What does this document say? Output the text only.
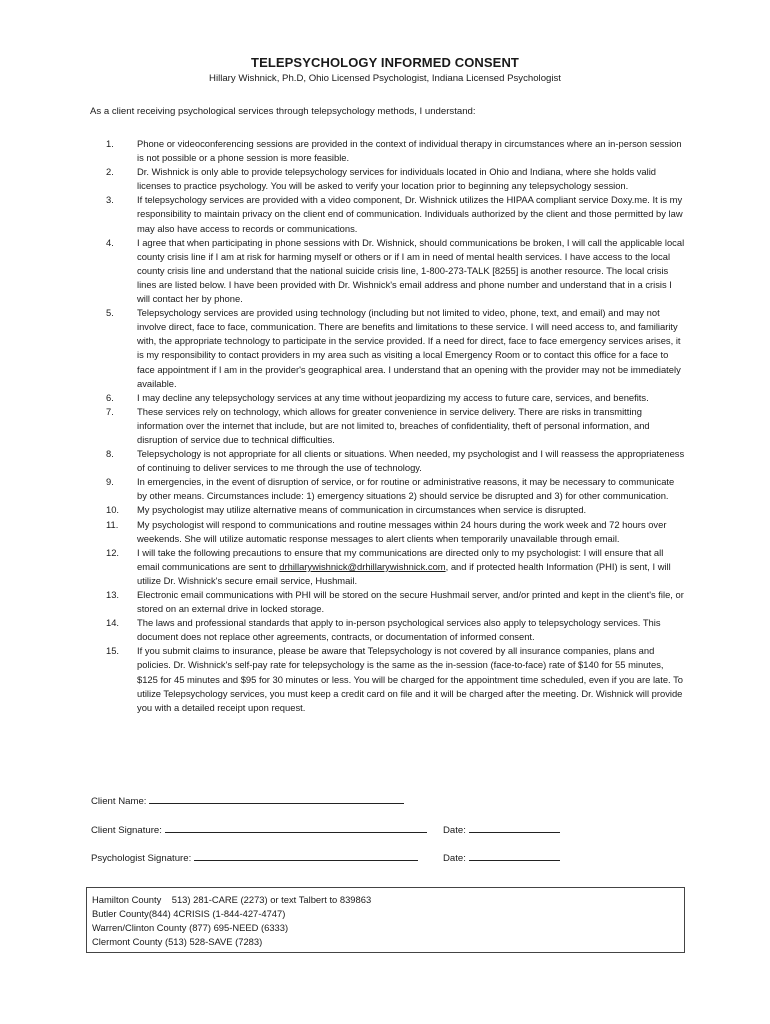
TELEPSYCHOLOGY INFORMED CONSENT
Hillary Wishnick, Ph.D, Ohio Licensed Psychologist, Indiana Licensed Psychologist
As a client receiving psychological services through telepsychology methods, I understand:
1.	Phone or videoconferencing sessions are provided in the context of individual therapy in circumstances where an in-person session is not possible or a phone session is more feasible.
2.	Dr. Wishnick is only able to provide telepsychology services for individuals located in Ohio and Indiana, where she holds valid licenses to practice psychology. You will be asked to verify your location prior to beginning any telepsychology session.
3.	If telepsychology services are provided with a video component, Dr. Wishnick utilizes the HIPAA compliant service Doxy.me. It is my responsibility to maintain privacy on the client end of communication. Individuals authorized by the client and those permitted by law may also have access to records or communications.
4.	I agree that when participating in phone sessions with Dr. Wishnick, should communications be broken, I will call the applicable local county crisis line if I am at risk for harming myself or others or if I am in need of mental health services. I have access to the local county crisis line and understand that the national suicide crisis line, 1-800-273-TALK [8255] is another resource. The local crisis lines are listed below. I have been provided with Dr. Wishnick's email address and phone number and understand that in a crisis I will contact her by phone.
5.	Telepsychology services are provided using technology (including but not limited to video, phone, text, and email) and may not involve direct, face to face, communication. There are benefits and limitations to these service. I will need access to, and familiarity with, the appropriate technology to participate in the service provided. If a need for direct, face to face emergency services arises, it is my responsibility to contact providers in my area such as visiting a local Emergency Room or to contact this office for a face to face appointment if I am in the provider's geographical area. I understand that an opening with the provider may not be immediately available.
6.	I may decline any telepsychology services at any time without jeopardizing my access to future care, services, and benefits.
7.	These services rely on technology, which allows for greater convenience in service delivery. There are risks in transmitting information over the internet that include, but are not limited to, breaches of confidentiality, theft of personal information, and disruption of service due to technical difficulties.
8.	Telepsychology is not appropriate for all clients or situations. When needed, my psychologist and I will reassess the appropriateness of continuing to deliver services to me through the use of technology.
9.	In emergencies, in the event of disruption of service, or for routine or administrative reasons, it may be necessary to communicate by other means. Circumstances include: 1) emergency situations 2) should service be disrupted and 3) for other communication.
10.	My psychologist may utilize alternative means of communication in circumstances when service is disrupted.
11.	My psychologist will respond to communications and routine messages within 24 hours during the work week and 72 hours over weekends. She will utilize automatic response messages to alert clients when temporarily unavailable through email.
12.	I will take the following precautions to ensure that my communications are directed only to my psychologist: I will ensure that all email communications are sent to drhillarywishnick@drhillarywishnick.com, and if protected health Information (PHI) is sent, I will utilize Dr. Wishnick's secure email service, Hushmail.
13.	Electronic email communications with PHI will be stored on the secure Hushmail server, and/or printed and kept in the client's file, or stored on an external drive in locked storage.
14.	The laws and professional standards that apply to in-person psychological services also apply to telepsychology services. This document does not replace other agreements, contracts, or documentation of informed consent.
15.	If you submit claims to insurance, please be aware that Telepsychology is not covered by all insurance companies, plans and policies. Dr. Wishnick's self-pay rate for telepsychology is the same as the in-session (face-to-face) rate of $140 for 55 minutes, $125 for 45 minutes and $95 for 30 minutes or less. You will be charged for the appointment time scheduled, even if you are late. To utilize Telepsychology services, you must keep a credit card on file and it will be charged after the meeting. Dr. Wishnick will provide you with a detailed receipt upon request.
Client Name:
Client Signature:	Date:
Psychologist Signature:	Date:
Hamilton County 513) 281-CARE (2273) or text Talbert to 839863
Butler County(844) 4CRISIS (1-844-427-4747)
Warren/Clinton County (877) 695-NEED (6333)
Clermont County (513) 528-SAVE (7283)
